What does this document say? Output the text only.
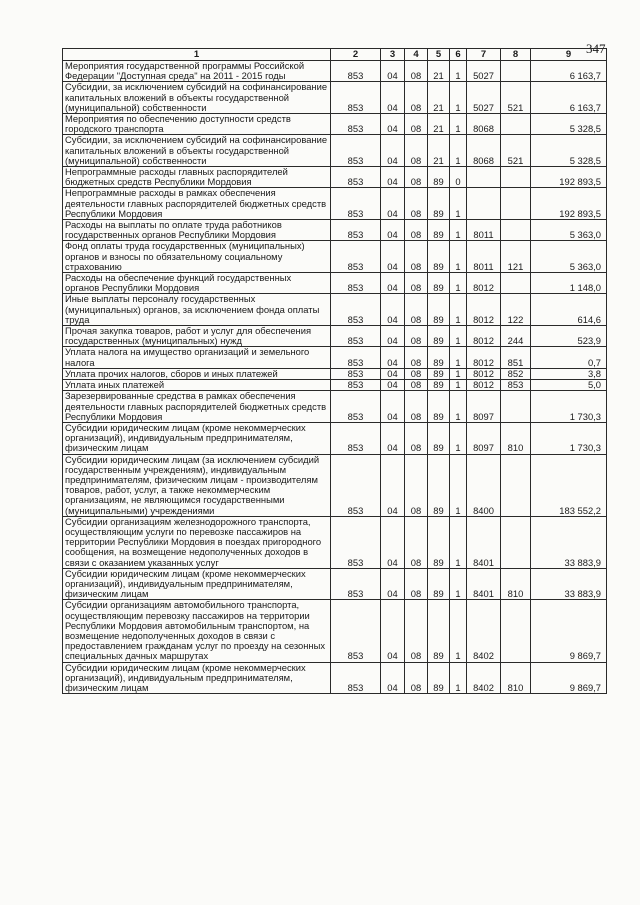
347
1	2	3	4	5	6	7	8	9
Мероприятия государственной программы Российской Федерации "Доступная среда" на 2011 - 2015 годы	853	04	08	21	1	5027		6 163,7
Субсидии, за исключением субсидий на софинансирование капитальных вложений в объекты государственной (муниципальной) собственности	853	04	08	21	1	5027	521	6 163,7
Мероприятия по обеспечению доступности средств городского транспорта	853	04	08	21	1	8068		5 328,5
Субсидии, за исключением субсидий на софинансирование капитальных вложений в объекты государственной (муниципальной) собственности	853	04	08	21	1	8068	521	5 328,5
Непрограммные расходы главных распорядителей бюджетных средств Республики Мордовия	853	04	08	89	0			192 893,5
Непрограммные расходы в рамках обеспечения деятельности главных распорядителей бюджетных средств Республики Мордовия	853	04	08	89	1			192 893,5
Расходы на выплаты по оплате труда работников государственных органов Республики Мордовия	853	04	08	89	1	8011		5 363,0
Фонд оплаты труда государственных (муниципальных) органов и взносы по обязательному социальному страхованию	853	04	08	89	1	8011	121	5 363,0
Расходы на обеспечение функций государственных органов Республики Мордовия	853	04	08	89	1	8012		1 148,0
Иные выплаты персоналу государственных (муниципальных) органов, за исключением фонда оплаты труда	853	04	08	89	1	8012	122	614,6
Прочая закупка товаров, работ и услуг для обеспечения государственных (муниципальных) нужд	853	04	08	89	1	8012	244	523,9
Уплата налога на имущество организаций и земельного налога	853	04	08	89	1	8012	851	0,7
Уплата прочих налогов, сборов и иных платежей	853	04	08	89	1	8012	852	3,8
Уплата иных платежей	853	04	08	89	1	8012	853	5,0
Зарезервированные средства в рамках обеспечения деятельности главных распорядителей бюджетных средств Республики Мордовия	853	04	08	89	1	8097		1 730,3
Субсидии юридическим лицам (кроме некоммерческих организаций), индивидуальным предпринимателям, физическим лицам	853	04	08	89	1	8097	810	1 730,3
Субсидии юридическим лицам (за исключением субсидий государственным учреждениям), индивидуальным предпринимателям, физическим лицам - производителям товаров, работ, услуг, а также некоммерческим организациям, не являющимся государственными (муниципальными) учреждениями	853	04	08	89	1	8400		183 552,2
Субсидии организациям железнодорожного транспорта, осуществляющим услуги по перевозке пассажиров на территории Республики Мордовия в поездах пригородного сообщения, на возмещение недополученных доходов в связи с оказанием указанных услуг	853	04	08	89	1	8401		33 883,9
Субсидии юридическим лицам (кроме некоммерческих организаций), индивидуальным предпринимателям, физическим лицам	853	04	08	89	1	8401	810	33 883,9
Субсидии организациям автомобильного транспорта, осуществляющим перевозку пассажиров на территории Республики Мордовия автомобильным транспортом, на возмещение недополученных доходов в связи с предоставлением гражданам услуг по проезду на сезонных специальных дачных маршрутах	853	04	08	89	1	8402		9 869,7
Субсидии юридическим лицам (кроме некоммерческих организаций), индивидуальным предпринимателям, физическим лицам	853	04	08	89	1	8402	810	9 869,7
